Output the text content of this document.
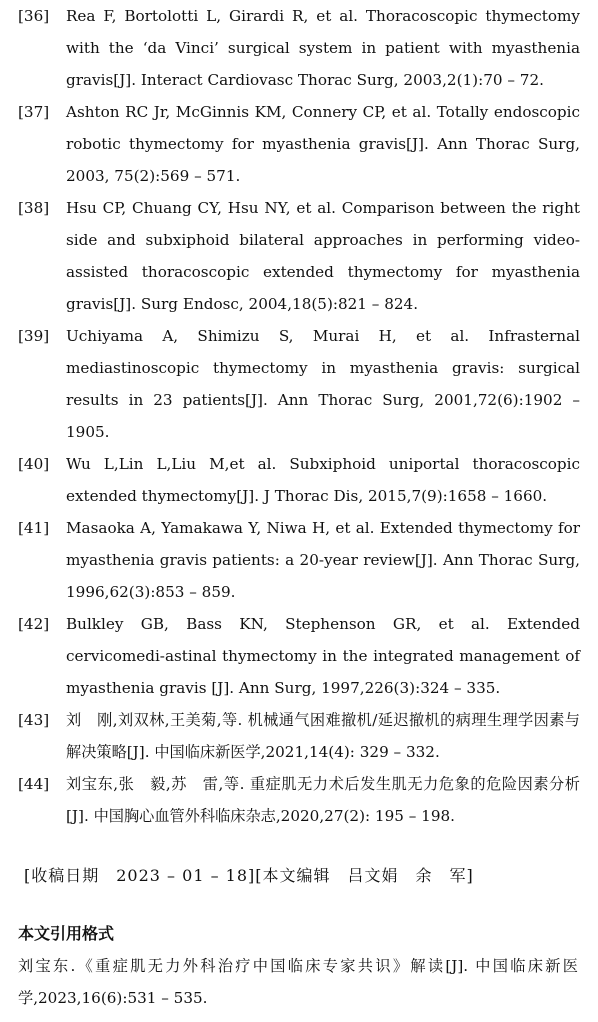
[36]	Rea F, Bortolotti L, Girardi R, et al. Thoracoscopic thymectomy with the ‘da Vinci’ surgical system in patient with myasthenia gravis[J]. Interact Cardiovasc Thorac Surg, 2003,2(1):70 – 72.
[37]	Ashton RC Jr, McGinnis KM, Connery CP, et al. Totally endoscopic robotic thymectomy for myasthenia gravis[J]. Ann Thorac Surg, 2003, 75(2):569 – 571.
[38]	Hsu CP, Chuang CY, Hsu NY, et al. Comparison between the right side and subxiphoid bilateral approaches in performing video-assisted thoracoscopic extended thymectomy for myasthenia gravis[J]. Surg Endosc, 2004,18(5):821 – 824.
[39]	Uchiyama A, Shimizu S, Murai H, et al. Infrasternal mediastinoscopic thymectomy in myasthenia gravis: surgical results in 23 patients[J]. Ann Thorac Surg, 2001,72(6):1902 – 1905.
[40]	Wu L,Lin L,Liu M,et al. Subxiphoid uniportal thoracoscopic extended thymectomy[J]. J Thorac Dis, 2015,7(9):1658 – 1660.
[41]	Masaoka A, Yamakawa Y, Niwa H, et al. Extended thymectomy for myasthenia gravis patients: a 20-year review[J]. Ann Thorac Surg, 1996,62(3):853 – 859.
[42]	Bulkley GB, Bass KN, Stephenson GR, et al. Extended cervicomedi-astinal thymectomy in the integrated management of myasthenia gravis [J]. Ann Surg, 1997,226(3):324 – 335.
[43]	刘　刚,刘双林,王美菊,等. 机械通气困难撤机/延迟撤机的病理生理学因素与解决策略[J]. 中国临床新医学,2021,14(4): 329 – 332.
[44]	刘宝东,张　毅,苏　雷,等. 重症肌无力术后发生肌无力危象的危险因素分析[J]. 中国胸心血管外科临床杂志,2020,27(2): 195 – 198.
[收稿日期　2023 – 01 – 18][本文编辑　吕文娟　余　军]
本文引用格式
刘宝东.《重症肌无力外科治疗中国临床专家共识》解读[J]. 中国临床新医学,2023,16(6):531 – 535.
